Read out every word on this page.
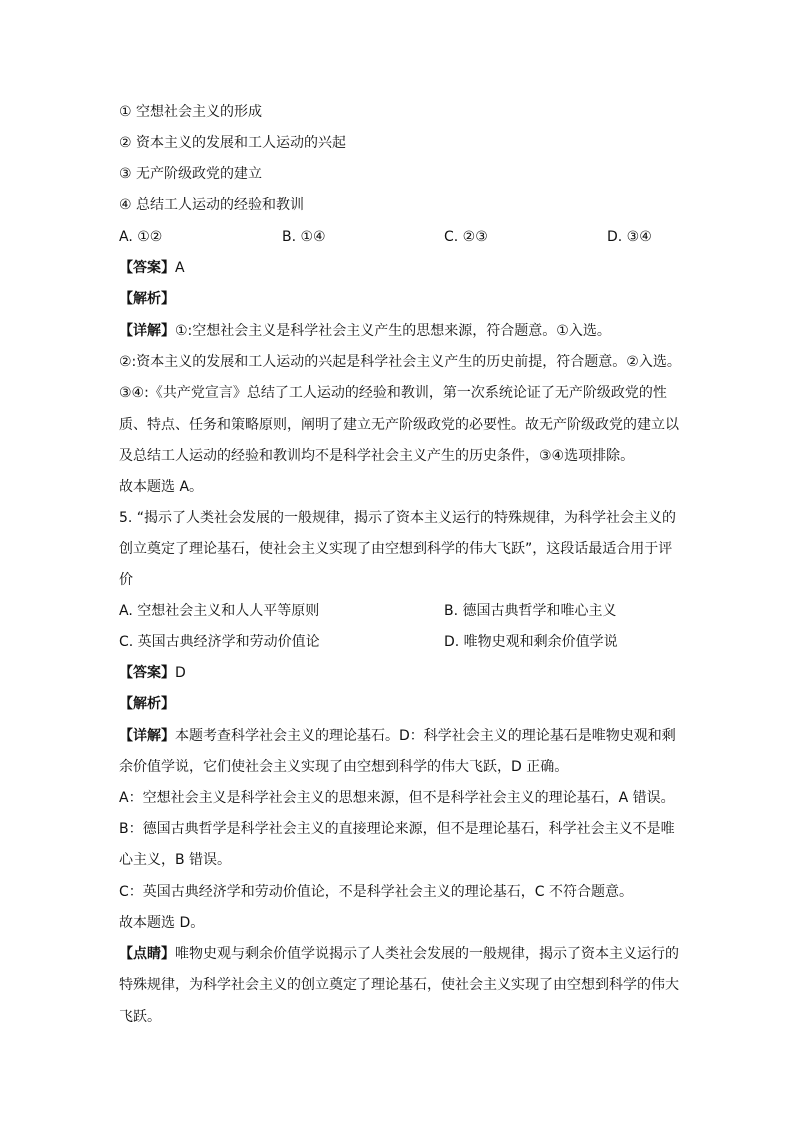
① 空想社会主义的形成
② 资本主义的发展和工人运动的兴起
③ 无产阶级政党的建立
④ 总结工人运动的经验和教训
A. ①②	B. ①④	C. ②③	D. ③④
【答案】A
【解析】
【详解】①:空想社会主义是科学社会主义产生的思想来源，符合题意。①入选。
②:资本主义的发展和工人运动的兴起是科学社会主义产生的历史前提，符合题意。②入选。
③④:《共产党宣言》总结了工人运动的经验和教训，第一次系统论证了无产阶级政党的性
质、特点、任务和策略原则，阐明了建立无产阶级政党的必要性。故无产阶级政党的建立以
及总结工人运动的经验和教训均不是科学社会主义产生的历史条件，③④选项排除。
故本题选 A。
5. “揭示了人类社会发展的一般规律，揭示了资本主义运行的特殊规律，为科学社会主义的
创立奠定了理论基石，使社会主义实现了由空想到科学的伟大飞跃”，这段话最适合用于评
价
A. 空想社会主义和人人平等原则	B. 德国古典哲学和唯心主义
C. 英国古典经济学和劳动价值论	D. 唯物史观和剩余价值学说
【答案】D
【解析】
【详解】本题考查科学社会主义的理论基石。D：科学社会主义的理论基石是唯物史观和剩
余价值学说，它们使社会主义实现了由空想到科学的伟大飞跃，D 正确。
A：空想社会主义是科学社会主义的思想来源，但不是科学社会主义的理论基石，A 错误。
B：德国古典哲学是科学社会主义的直接理论来源，但不是理论基石，科学社会主义不是唯
心主义，B 错误。
C：英国古典经济学和劳动价值论，不是科学社会主义的理论基石，C 不符合题意。
故本题选 D。
【点睛】唯物史观与剩余价值学说揭示了人类社会发展的一般规律，揭示了资本主义运行的
特殊规律，为科学社会主义的创立奠定了理论基石，使社会主义实现了由空想到科学的伟大
飞跃。
